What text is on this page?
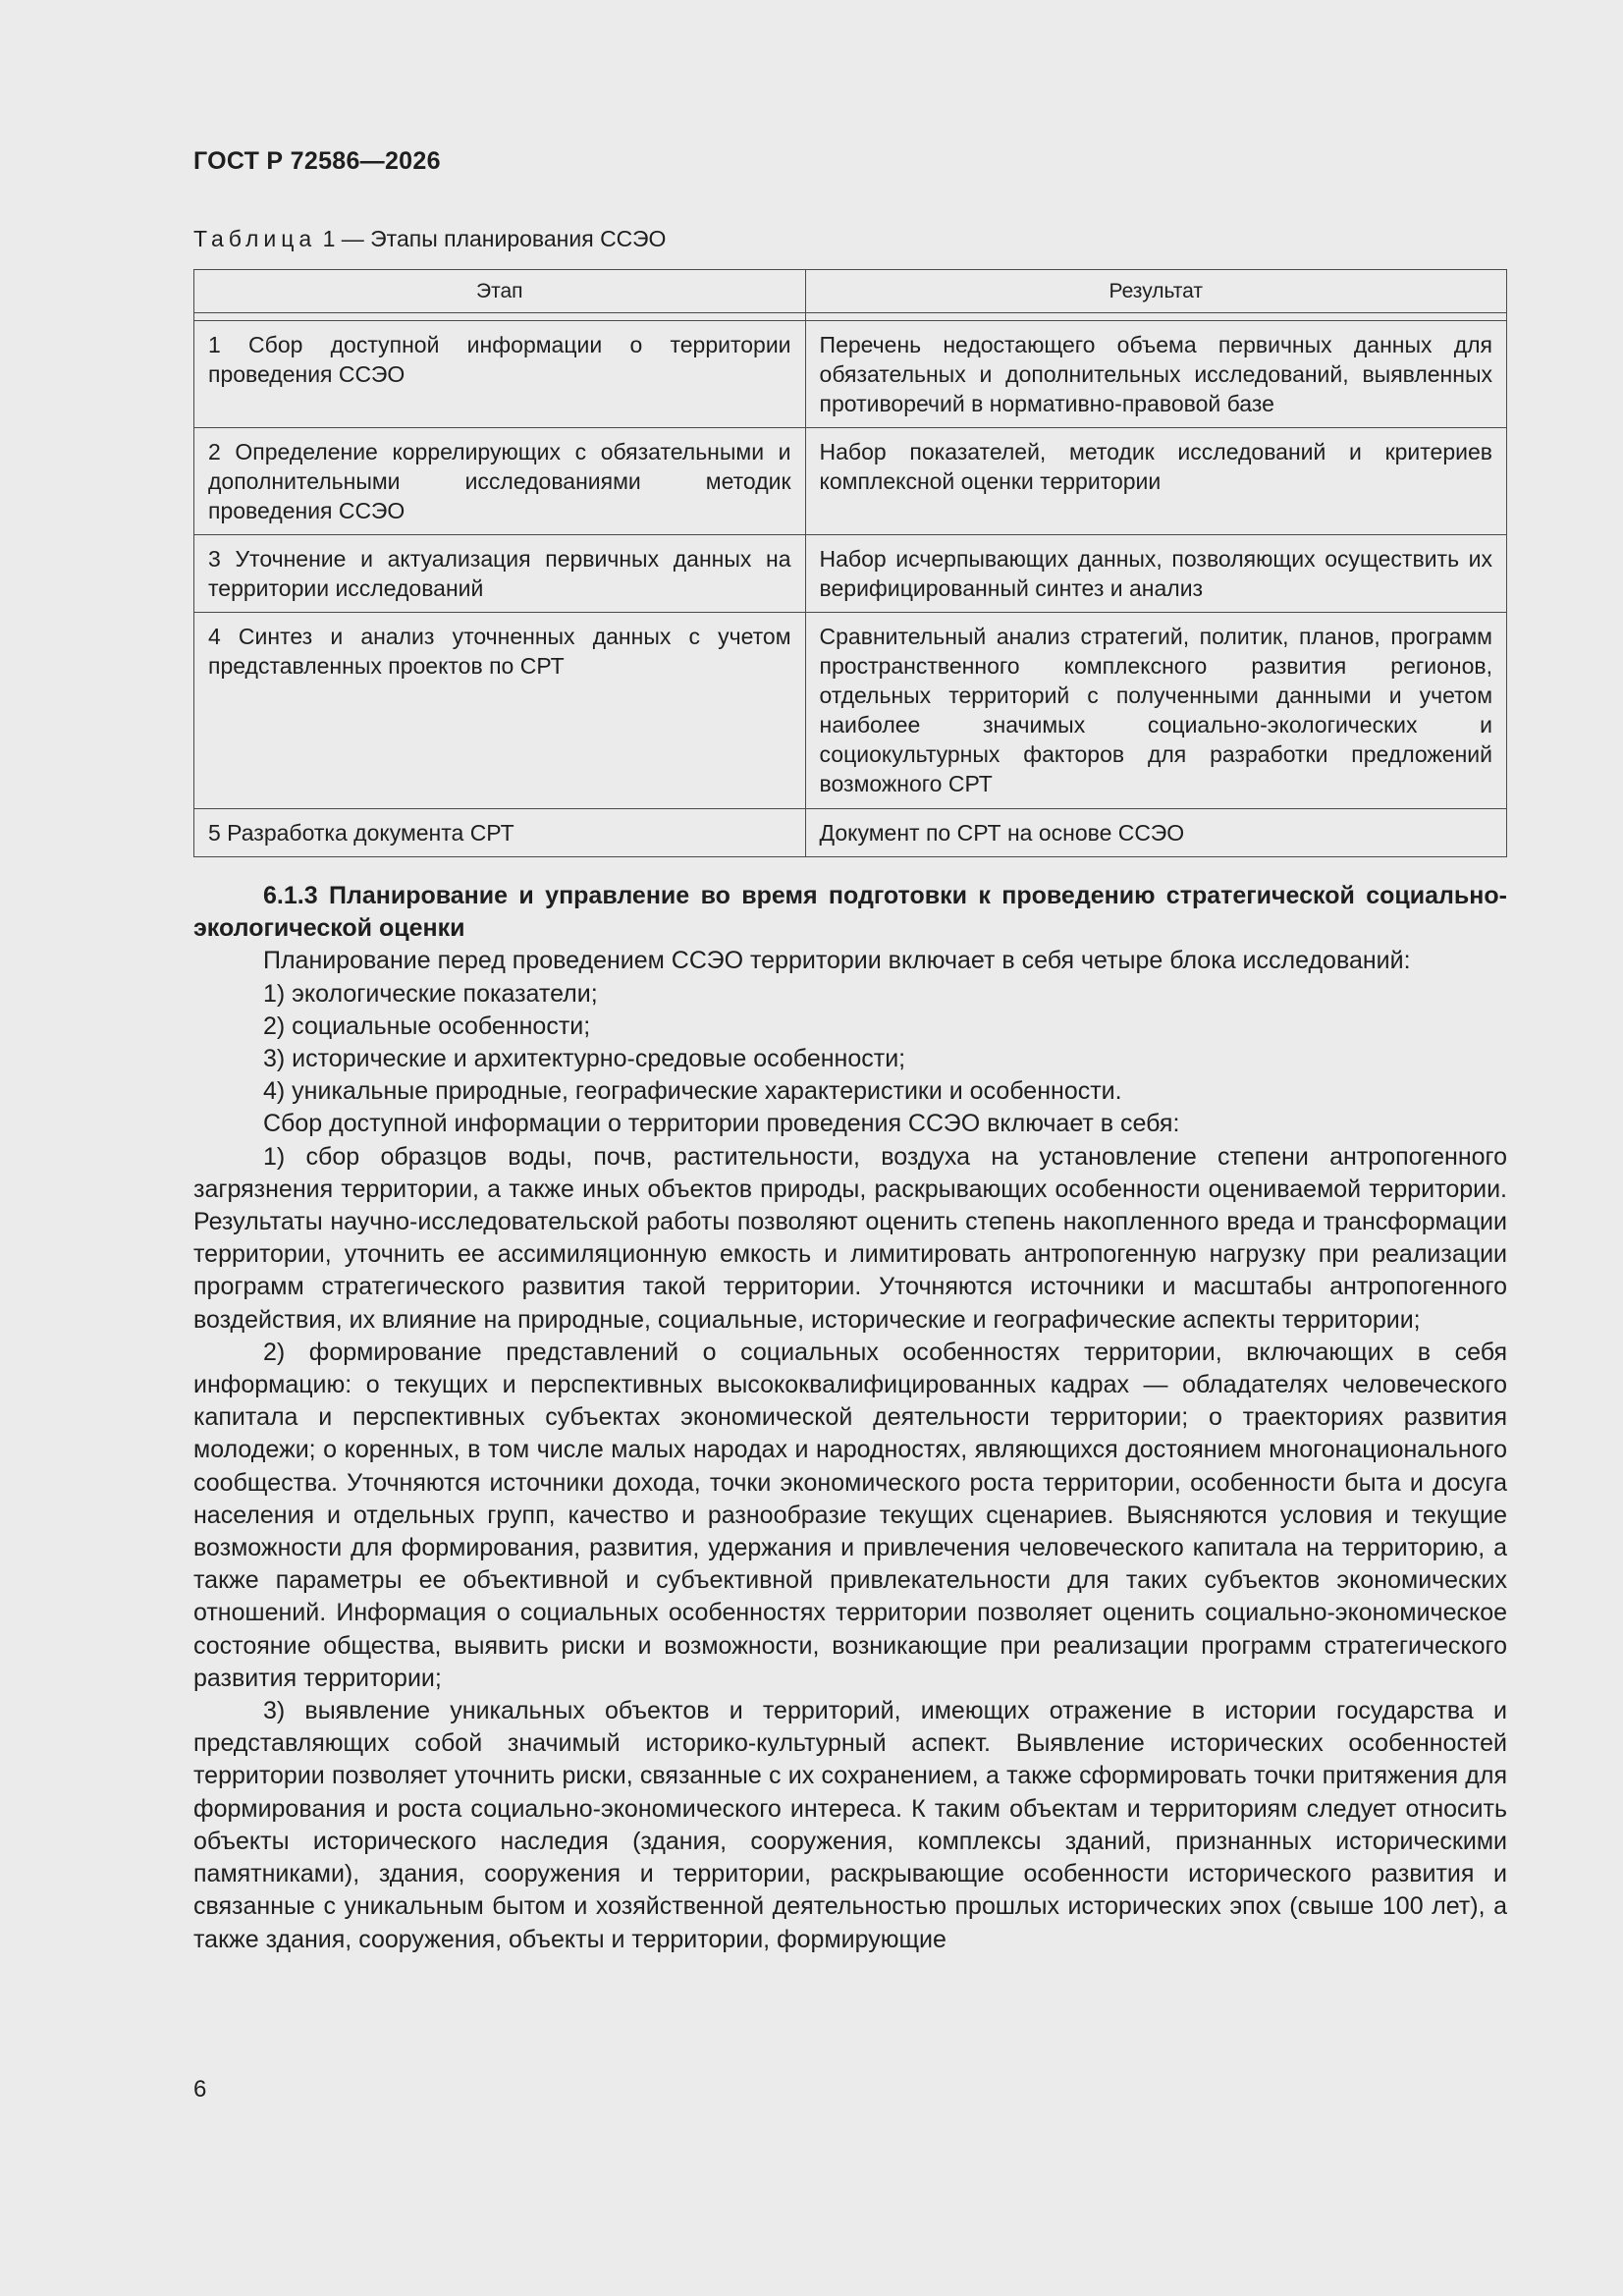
ГОСТ Р 72586—2026
Таблица 1 — Этапы планирования ССЭО
Этап	Результат

1 Сбор доступной информации о территории проведения ССЭО	Перечень недостающего объема первичных данных для обязательных и дополнительных исследований, выявленных противоречий в нормативно-правовой базе
2 Определение коррелирующих с обязательными и дополнительными исследованиями методик проведения ССЭО	Набор показателей, методик исследований и критериев комплексной оценки территории
3 Уточнение и актуализация первичных данных на территории исследований	Набор исчерпывающих данных, позволяющих осуществить их верифицированный синтез и анализ
4 Синтез и анализ уточненных данных с учетом представленных проектов по СРТ	Сравнительный анализ стратегий, политик, планов, программ пространственного комплексного развития регионов, отдельных территорий с полученными данными и учетом наиболее значимых социально-экологических и социокультурных факторов для разработки предложений возможного СРТ
5 Разработка документа СРТ	Документ по СРТ на основе ССЭО

6.1.3 Планирование и управление во время подготовки к проведению стратегической социально-экологической оценки

Планирование перед проведением ССЭО территории включает в себя четыре блока исследований:

1) экологические показатели;

2) социальные особенности;

3) исторические и архитектурно-средовые особенности;

4) уникальные природные, географические характеристики и особенности.

Сбор доступной информации о территории проведения ССЭО включает в себя:

1) сбор образцов воды, почв, растительности, воздуха на установление степени антропогенного загрязнения территории, а также иных объектов природы, раскрывающих особенности оцениваемой территории. Результаты научно-исследовательской работы позволяют оценить степень накопленного вреда и трансформации территории, уточнить ее ассимиляционную емкость и лимитировать антропогенную нагрузку при реализации программ стратегического развития такой территории. Уточняются источники и масштабы антропогенного воздействия, их влияние на природные, социальные, исторические и географические аспекты территории;

2) формирование представлений о социальных особенностях территории, включающих в себя информацию: о текущих и перспективных высококвалифицированных кадрах — обладателях человеческого капитала и перспективных субъектах экономической деятельности территории; о траекториях развития молодежи; о коренных, в том числе малых народах и народностях, являющихся достоянием многонационального сообщества. Уточняются источники дохода, точки экономического роста территории, особенности быта и досуга населения и отдельных групп, качество и разнообразие текущих сценариев. Выясняются условия и текущие возможности для формирования, развития, удержания и привлечения человеческого капитала на территорию, а также параметры ее объективной и субъективной привлекательности для таких субъектов экономических отношений. Информация о социальных особенностях территории позволяет оценить социально-экономическое состояние общества, выявить риски и возможности, возникающие при реализации программ стратегического развития территории;

3) выявление уникальных объектов и территорий, имеющих отражение в истории государства и представляющих собой значимый историко-культурный аспект. Выявление исторических особенностей территории позволяет уточнить риски, связанные с их сохранением, а также сформировать точки притяжения для формирования и роста социально-экономического интереса. К таким объектам и территориям следует относить объекты исторического наследия (здания, сооружения, комплексы зданий, признанных историческими памятниками), здания, сооружения и территории, раскрывающие особенности исторического развития и связанные с уникальным бытом и хозяйственной деятельностью прошлых исторических эпох (свыше 100 лет), а также здания, сооружения, объекты и территории, формирующие

6
